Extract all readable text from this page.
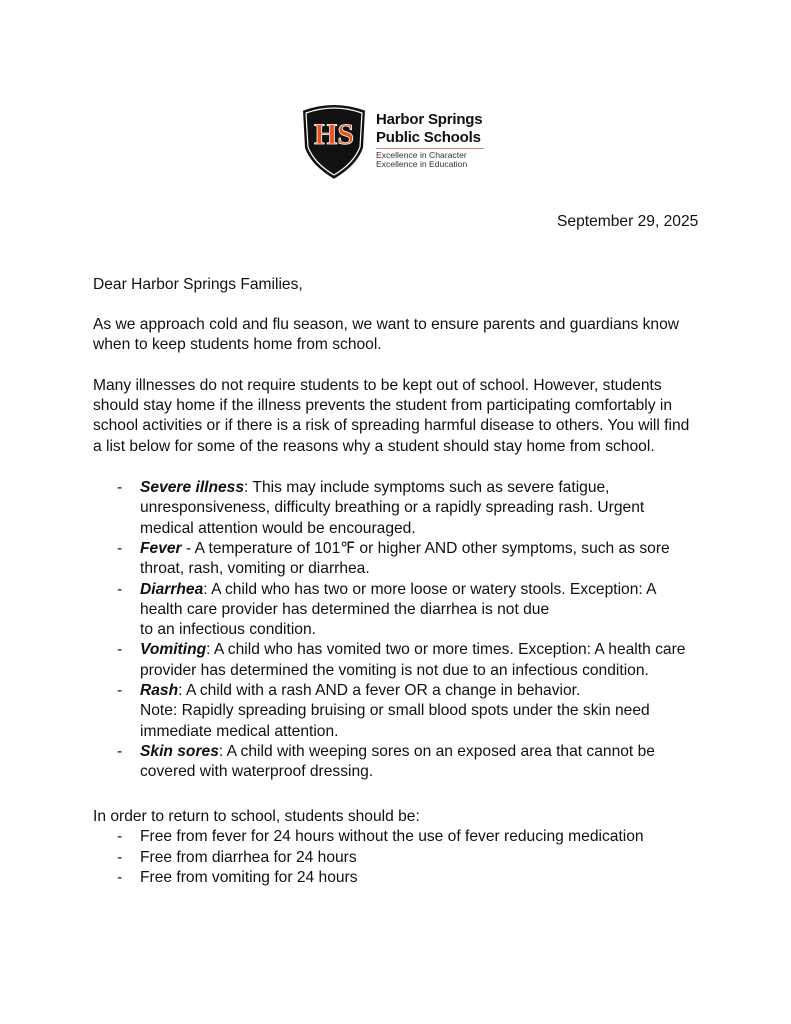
HS Harbor Springs
Public Schools
Excellence in Character
Excellence in Education
September 29, 2025
Dear Harbor Springs Families,
As we approach cold and flu season, we want to ensure parents and guardians know
when to keep students home from school.
Many illnesses do not require students to be kept out of school. However, students
should stay home if the illness prevents the student from participating comfortably in
school activities or if there is a risk of spreading harmful disease to others. You will find
a list below for some of the reasons why a student should stay home from school.
- Severe illness: This may include symptoms such as severe fatigue,
unresponsiveness, difficulty breathing or a rapidly spreading rash. Urgent
medical attention would be encouraged.
- Fever - A temperature of 101℉ or higher AND other symptoms, such as sore
throat, rash, vomiting or diarrhea.
- Diarrhea: A child who has two or more loose or watery stools. Exception: A
health care provider has determined the diarrhea is not due
to an infectious condition.
- Vomiting: A child who has vomited two or more times. Exception: A health care
provider has determined the vomiting is not due to an infectious condition.
- Rash: A child with a rash AND a fever OR a change in behavior.
Note: Rapidly spreading bruising or small blood spots under the skin need
immediate medical attention.
- Skin sores: A child with weeping sores on an exposed area that cannot be
covered with waterproof dressing.
In order to return to school, students should be:
- Free from fever for 24 hours without the use of fever reducing medication
- Free from diarrhea for 24 hours
- Free from vomiting for 24 hours
